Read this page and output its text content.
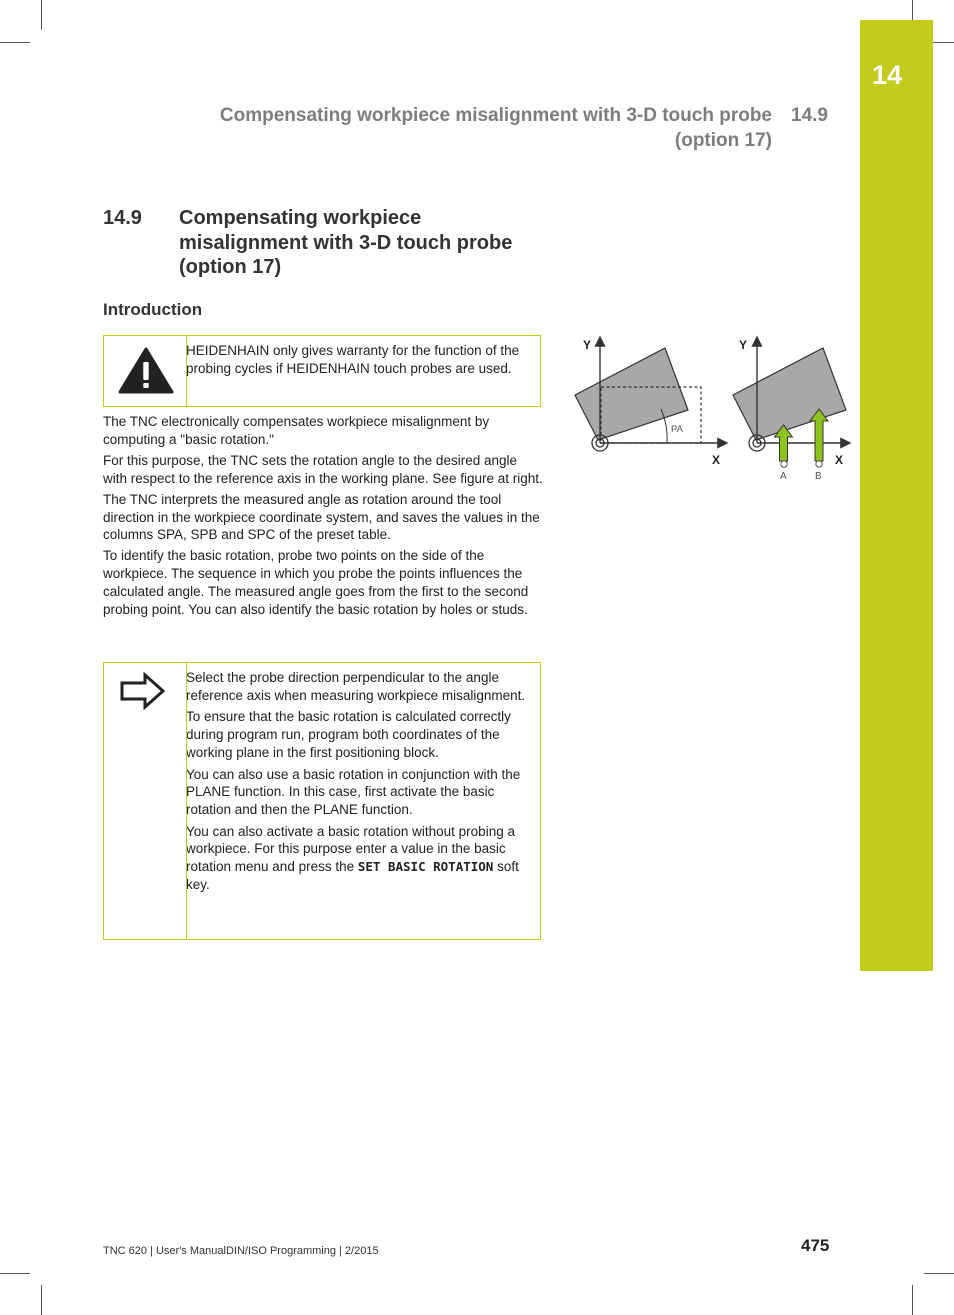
14
Compensating workpiece misalignment with 3-D touch probe
(option 17)
14.9
14.9 Compensating workpiece
misalignment with 3-D touch probe
(option 17)
Introduction

HEIDENHAIN only gives warranty for the function of the probing cycles if HEIDENHAIN touch probes are used.

The TNC electronically compensates workpiece misalignment by computing a "basic rotation."

For this purpose, the TNC sets the rotation angle to the desired angle with respect to the reference axis in the working plane. See figure at right.

The TNC interprets the measured angle as rotation around the tool direction in the workpiece coordinate system, and saves the values in the columns SPA, SPB and SPC of the preset table.

To identify the basic rotation, probe two points on the side of the workpiece. The sequence in which you probe the points influences the calculated angle. The measured angle goes from the first to the second probing point. You can also identify the basic rotation by holes or studs.

Select the probe direction perpendicular to the angle reference axis when measuring workpiece misalignment.

To ensure that the basic rotation is calculated correctly during program run, program both coordinates of the working plane in the first positioning block.

You can also use a basic rotation in conjunction with the PLANE function. In this case, first activate the basic rotation and then the PLANE function.

You can also activate a basic rotation without probing a workpiece. For this purpose enter a value in the basic rotation menu and press the SET BASIC ROTATION soft key.

Y
X
PA
Y
X
A	B
TNC 620 | User's ManualDIN/ISO Programming | 2/2015	475
